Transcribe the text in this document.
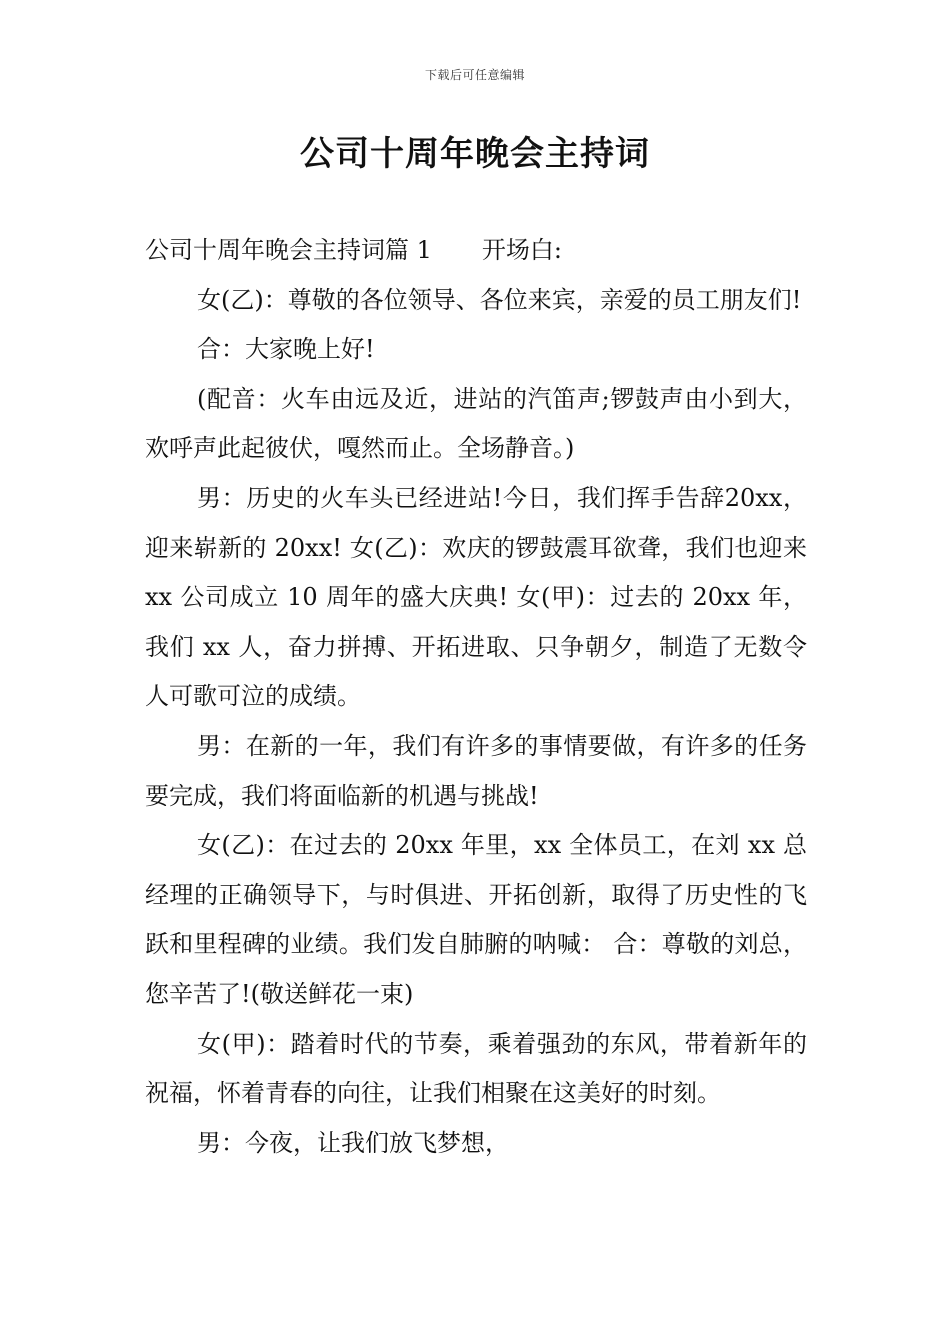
下载后可任意编辑
公司十周年晚会主持词

公司十周年晚会主持词篇 1 开场白:

女(乙)：尊敬的各位领导、各位来宾，亲爱的员工朋友们!

合：大家晚上好!

(配音：火车由远及近，进站的汽笛声;锣鼓声由小到大，欢呼声此起彼伏，嘎然而止。全场静音。)

男：历史的火车头已经进站!今日，我们挥手告辞20xx，迎来崭新的 20xx! 女(乙)：欢庆的锣鼓震耳欲聋，我们也迎来 xx 公司成立 10 周年的盛大庆典! 女(甲)：过去的 20xx 年，我们 xx 人，奋力拼搏、开拓进取、只争朝夕，制造了无数令人可歌可泣的成绩。

男：在新的一年，我们有许多的事情要做，有许多的任务要完成，我们将面临新的机遇与挑战!

女(乙)：在过去的 20xx 年里，xx 全体员工，在刘 xx 总经理的正确领导下，与时俱进、开拓创新，取得了历史性的飞跃和里程碑的业绩。我们发自肺腑的呐喊： 合：尊敬的刘总，您辛苦了!(敬送鲜花一束)

女(甲)：踏着时代的节奏，乘着强劲的东风，带着新年的祝福，怀着青春的向往，让我们相聚在这美好的时刻。

男：今夜，让我们放飞梦想，
